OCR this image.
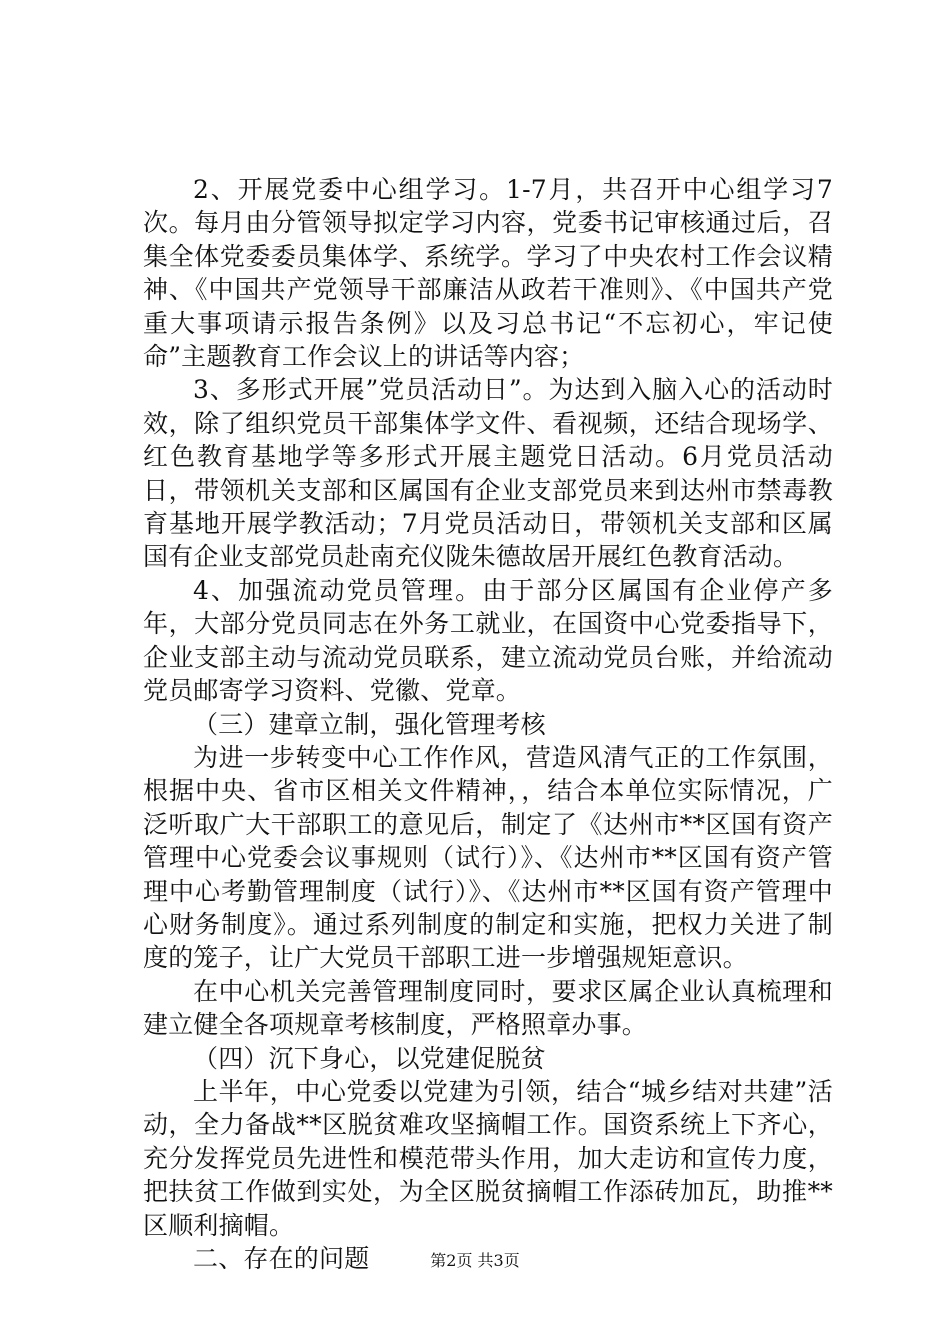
2、开展党委中心组学习。1-7月，共召开中心组学习7次。每月由分管领导拟定学习内容，党委书记审核通过后，召集全体党委委员集体学、系统学。学习了中央农村工作会议精神、《中国共产党领导干部廉洁从政若干准则》、《中国共产党重大事项请示报告条例》以及习总书记“不忘初心，牢记使命”主题教育工作会议上的讲话等内容；

3、多形式开展”党员活动日”。为达到入脑入心的活动时效，除了组织党员干部集体学文件、看视频，还结合现场学、红色教育基地学等多形式开展主题党日活动。6月党员活动日，带领机关支部和区属国有企业支部党员来到达州市禁毒教育基地开展学教活动；7月党员活动日，带领机关支部和区属国有企业支部党员赴南充仪陇朱德故居开展红色教育活动。

4、加强流动党员管理。由于部分区属国有企业停产多年，大部分党员同志在外务工就业，在国资中心党委指导下，企业支部主动与流动党员联系，建立流动党员台账，并给流动党员邮寄学习资料、党徽、党章。

（三）建章立制，强化管理考核

为进一步转变中心工作作风，营造风清气正的工作氛围，根据中央、省市区相关文件精神，，结合本单位实际情况，广泛听取广大干部职工的意见后，制定了《达州市**区国有资产管理中心党委会议事规则（试行）》、《达州市**区国有资产管理中心考勤管理制度（试行）》、《达州市**区国有资产管理中心财务制度》。通过系列制度的制定和实施，把权力关进了制度的笼子，让广大党员干部职工进一步增强规矩意识。

在中心机关完善管理制度同时，要求区属企业认真梳理和建立健全各项规章考核制度，严格照章办事。

（四）沉下身心，以党建促脱贫

上半年，中心党委以党建为引领，结合“城乡结对共建”活动，全力备战**区脱贫难攻坚摘帽工作。国资系统上下齐心，充分发挥党员先进性和模范带头作用，加大走访和宣传力度，把扶贫工作做到实处，为全区脱贫摘帽工作添砖加瓦，助推**区顺利摘帽。

二、存在的问题	第2页 共3页
